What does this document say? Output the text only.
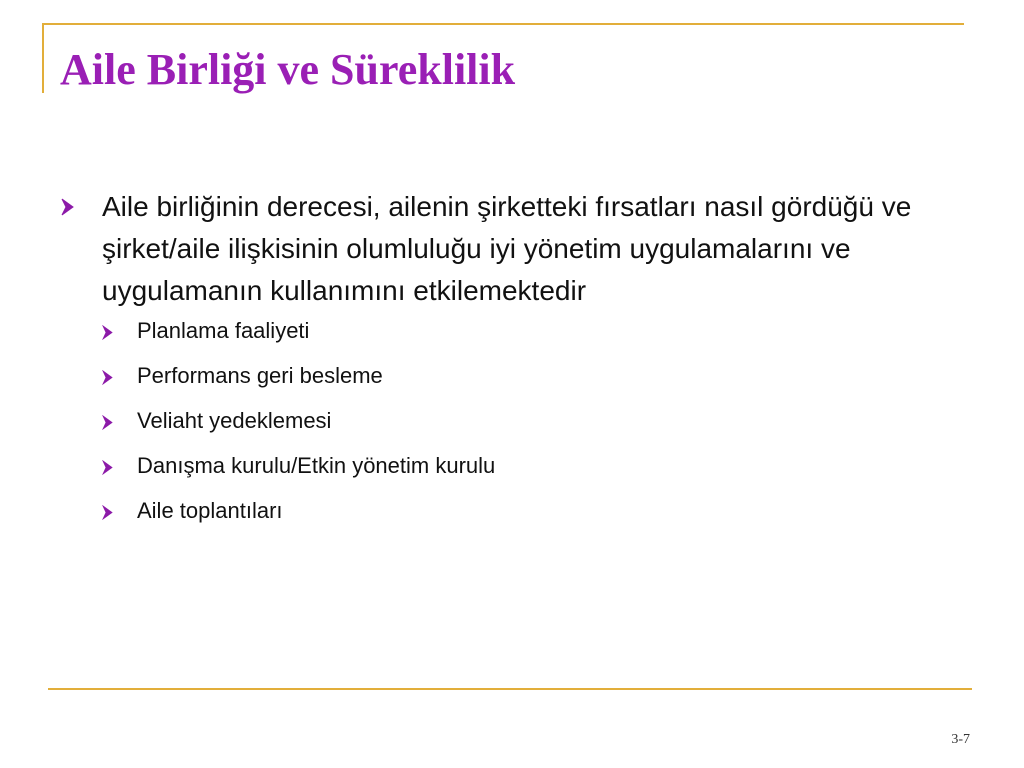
Aile Birliği ve Süreklilik
Aile birliğinin derecesi, ailenin şirketteki fırsatları nasıl gördüğü ve şirket/aile ilişkisinin olumluluğu iyi yönetim uygulamalarını ve uygulamanın kullanımını etkilemektedir
Planlama faaliyeti
Performans geri besleme
Veliaht yedeklemesi
Danışma kurulu/Etkin yönetim kurulu
Aile toplantıları
3-7
